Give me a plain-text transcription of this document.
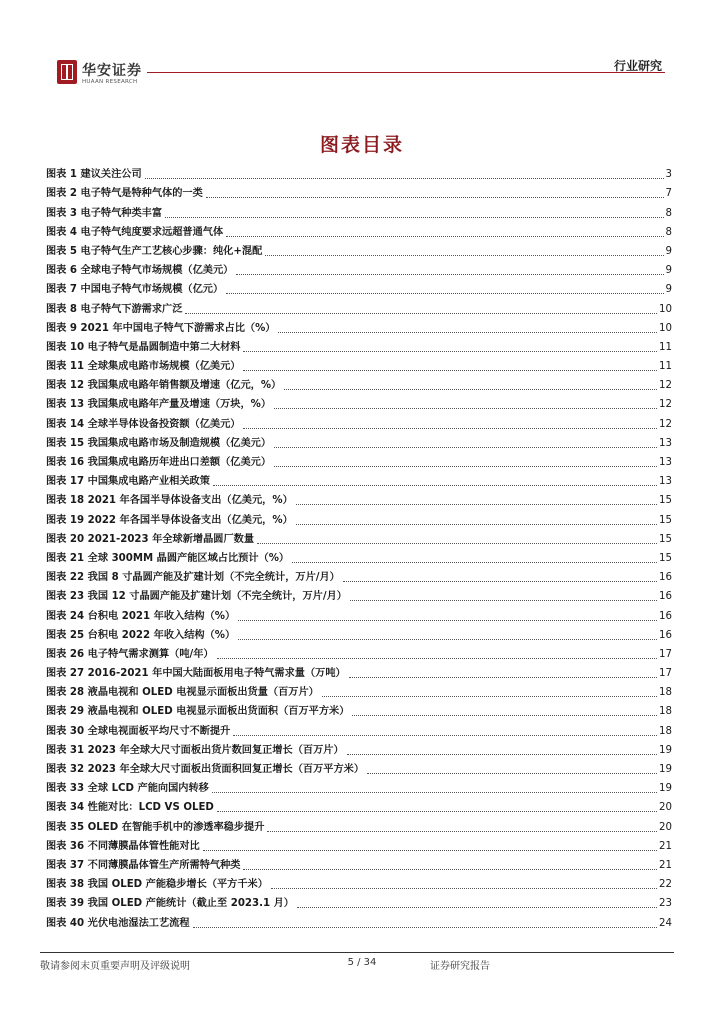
华安证券
HUAAN RESEARCH
行业研究
图表目录
图表 1 建议关注公司	3
图表 2 电子特气是特种气体的一类	7
图表 3 电子特气种类丰富	8
图表 4 电子特气纯度要求远超普通气体	8
图表 5 电子特气生产工艺核心步骤：纯化+混配	9
图表 6 全球电子特气市场规模（亿美元）	9
图表 7 中国电子特气市场规模（亿元）	9
图表 8 电子特气下游需求广泛	10
图表 9 2021 年中国电子特气下游需求占比（%）	10
图表 10 电子特气是晶圆制造中第二大材料	11
图表 11 全球集成电路市场规模（亿美元）	11
图表 12 我国集成电路年销售额及增速（亿元，%）	12
图表 13 我国集成电路年产量及增速（万块，%）	12
图表 14 全球半导体设备投资额（亿美元）	12
图表 15 我国集成电路市场及制造规模（亿美元）	13
图表 16 我国集成电路历年进出口差额（亿美元）	13
图表 17 中国集成电路产业相关政策	13
图表 18 2021 年各国半导体设备支出（亿美元，%）	15
图表 19 2022 年各国半导体设备支出（亿美元，%）	15
图表 20 2021-2023 年全球新增晶圆厂数量	15
图表 21 全球 300MM 晶圆产能区域占比预计（%）	15
图表 22 我国 8 寸晶圆产能及扩建计划（不完全统计，万片/月）	16
图表 23 我国 12 寸晶圆产能及扩建计划（不完全统计，万片/月）	16
图表 24 台积电 2021 年收入结构（%）	16
图表 25 台积电 2022 年收入结构（%）	16
图表 26 电子特气需求测算（吨/年）	17
图表 27 2016-2021 年中国大陆面板用电子特气需求量（万吨）	17
图表 28 液晶电视和 OLED 电视显示面板出货量（百万片）	18
图表 29 液晶电视和 OLED 电视显示面板出货面积（百万平方米）	18
图表 30 全球电视面板平均尺寸不断提升	18
图表 31 2023 年全球大尺寸面板出货片数回复正增长（百万片）	19
图表 32 2023 年全球大尺寸面板出货面积回复正增长（百万平方米）	19
图表 33 全球 LCD 产能向国内转移	19
图表 34 性能对比：LCD VS OLED	20
图表 35 OLED 在智能手机中的渗透率稳步提升	20
图表 36 不同薄膜晶体管性能对比	21
图表 37 不同薄膜晶体管生产所需特气种类	21
图表 38 我国 OLED 产能稳步增长（平方千米）	22
图表 39 我国 OLED 产能统计（截止至 2023.1 月）	23
图表 40 光伏电池湿法工艺流程	24
敬请参阅末页重要声明及评级说明	5 / 34	证券研究报告
